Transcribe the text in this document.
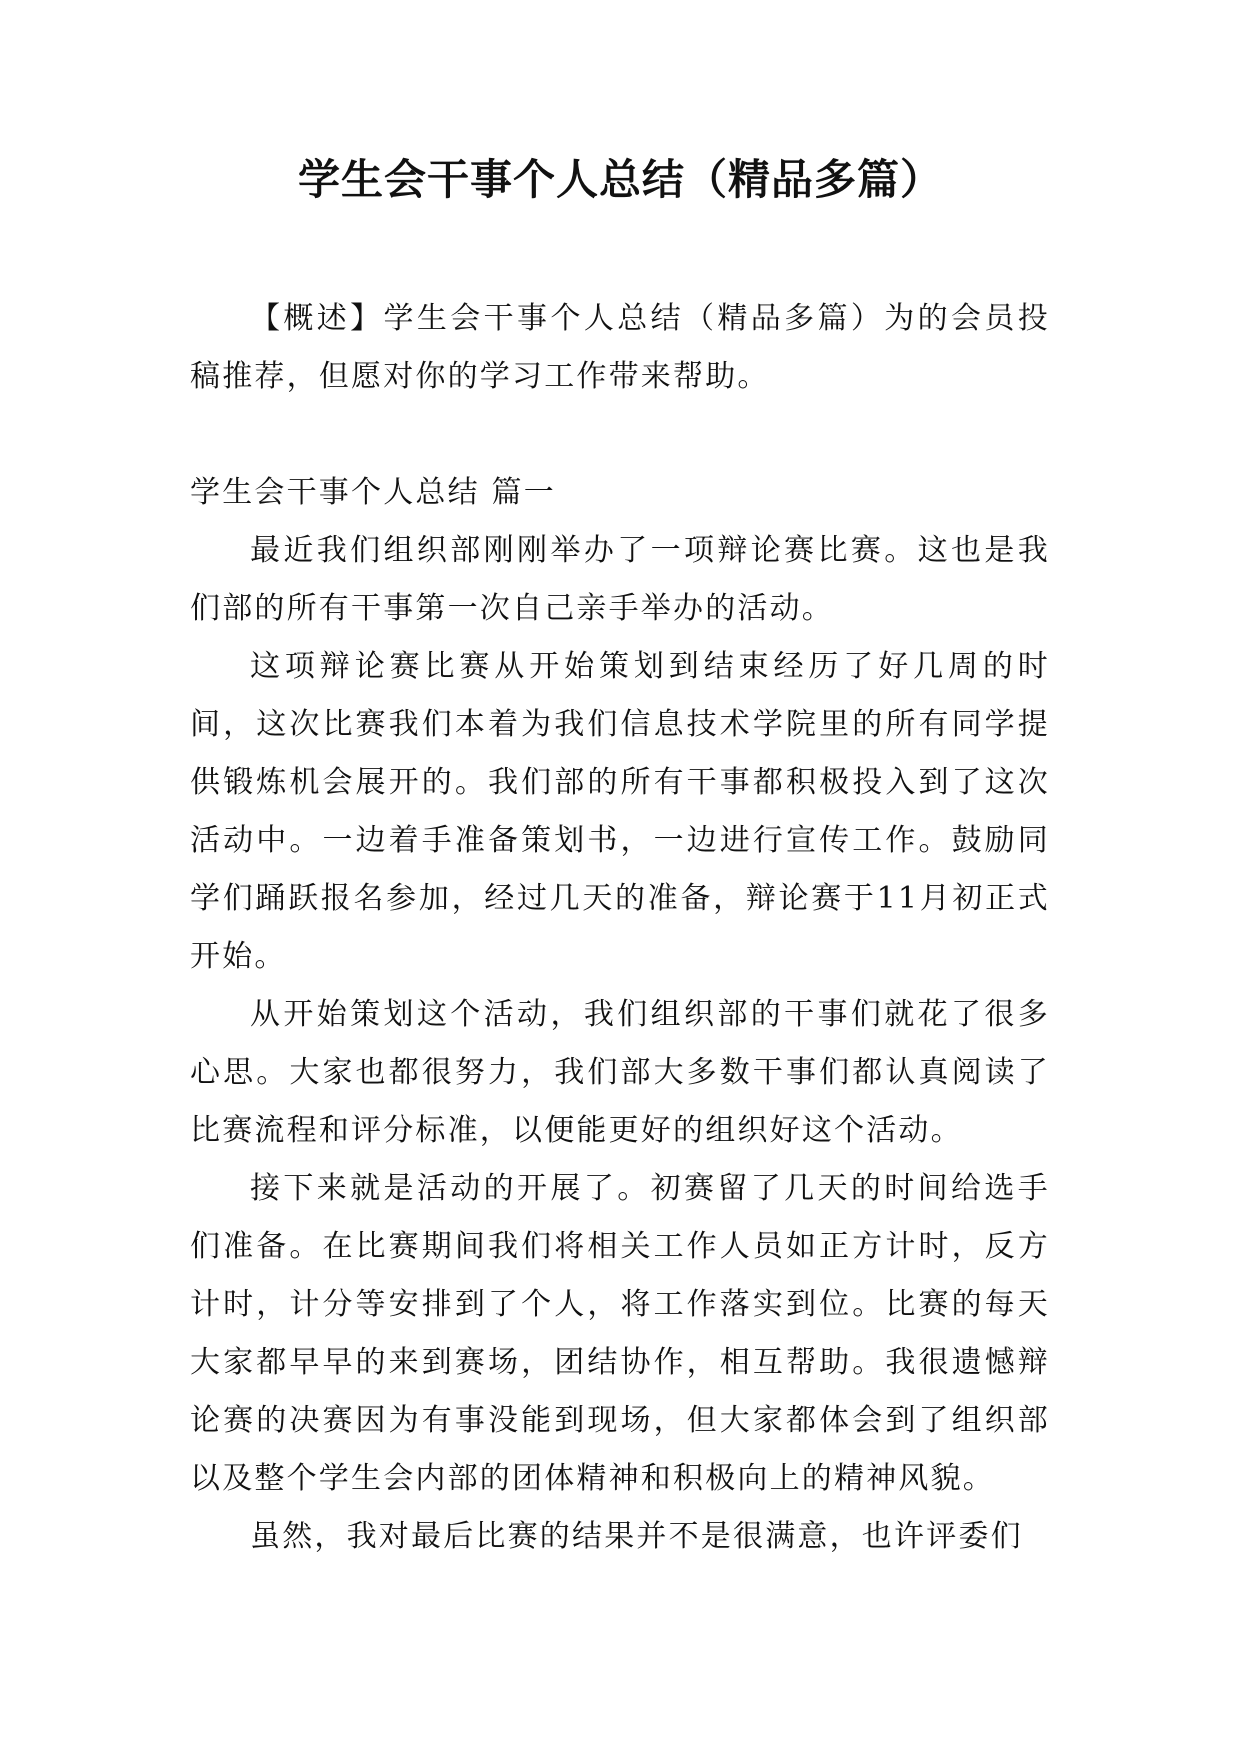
学生会干事个人总结（精品多篇）

【概述】学生会干事个人总结（精品多篇）为的会员投稿推荐，但愿对你的学习工作带来帮助。

学生会干事个人总结 篇一

最近我们组织部刚刚举办了一项辩论赛比赛。这也是我们部的所有干事第一次自己亲手举办的活动。

这项辩论赛比赛从开始策划到结束经历了好几周的时间，这次比赛我们本着为我们信息技术学院里的所有同学提供锻炼机会展开的。我们部的所有干事都积极投入到了这次活动中。一边着手准备策划书，一边进行宣传工作。鼓励同学们踊跃报名参加，经过几天的准备，辩论赛于11月初正式开始。

从开始策划这个活动，我们组织部的干事们就花了很多心思。大家也都很努力，我们部大多数干事们都认真阅读了比赛流程和评分标准，以便能更好的组织好这个活动。

接下来就是活动的开展了。初赛留了几天的时间给选手们准备。在比赛期间我们将相关工作人员如正方计时，反方计时，计分等安排到了个人，将工作落实到位。比赛的每天大家都早早的来到赛场，团结协作，相互帮助。我很遗憾辩论赛的决赛因为有事没能到现场，但大家都体会到了组织部以及整个学生会内部的团体精神和积极向上的精神风貌。

虽然，我对最后比赛的结果并不是很满意，也许评委们
